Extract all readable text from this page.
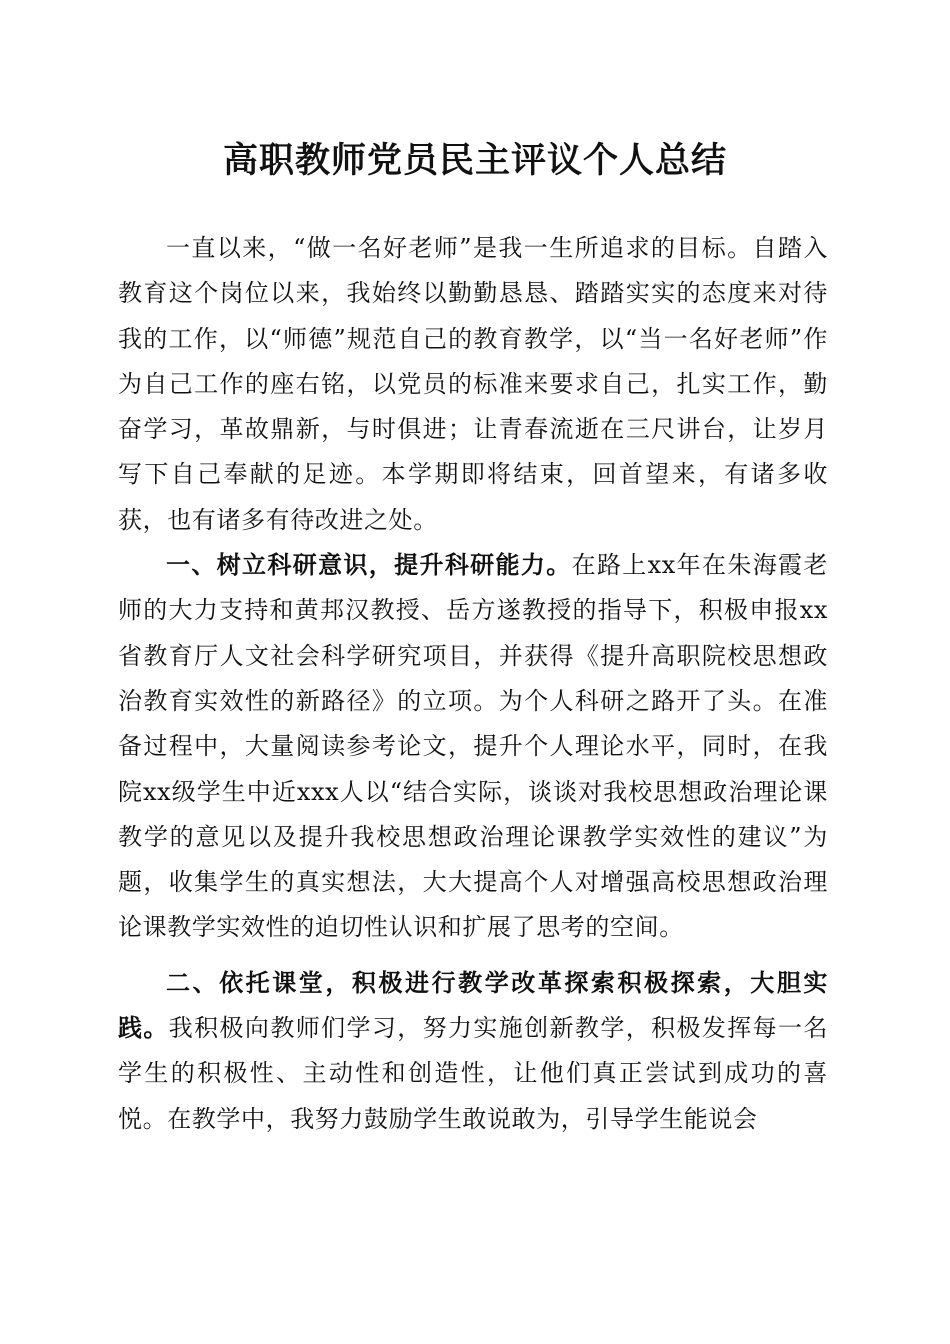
高职教师党员民主评议个人总结

一直以来，“做一名好老师”是我一生所追求的目标。自踏入教育这个岗位以来，我始终以勤勤恳恳、踏踏实实的态度来对待我的工作，以“师德”规范自己的教育教学，以“当一名好老师”作为自己工作的座右铭，以党员的标准来要求自己，扎实工作，勤奋学习，革故鼎新，与时俱进；让青春流逝在三尺讲台，让岁月写下自己奉献的足迹。本学期即将结束，回首望来，有诸多收获，也有诸多有待改进之处。

一、树立科研意识，提升科研能力。在路上xx年在朱海霞老师的大力支持和黄邦汉教授、岳方遂教授的指导下，积极申报xx省教育厅人文社会科学研究项目，并获得《提升高职院校思想政治教育实效性的新路径》的立项。为个人科研之路开了头。在准备过程中，大量阅读参考论文，提升个人理论水平，同时，在我院xx级学生中近xxx人以“结合实际，谈谈对我校思想政治理论课教学的意见以及提升我校思想政治理论课教学实效性的建议”为题，收集学生的真实想法，大大提高个人对增强高校思想政治理论课教学实效性的迫切性认识和扩展了思考的空间。

二、依托课堂，积极进行教学改革探索积极探索，大胆实践。我积极向教师们学习，努力实施创新教学，积极发挥每一名学生的积极性、主动性和创造性，让他们真正尝试到成功的喜悦。在教学中，我努力鼓励学生敢说敢为，引导学生能说会
